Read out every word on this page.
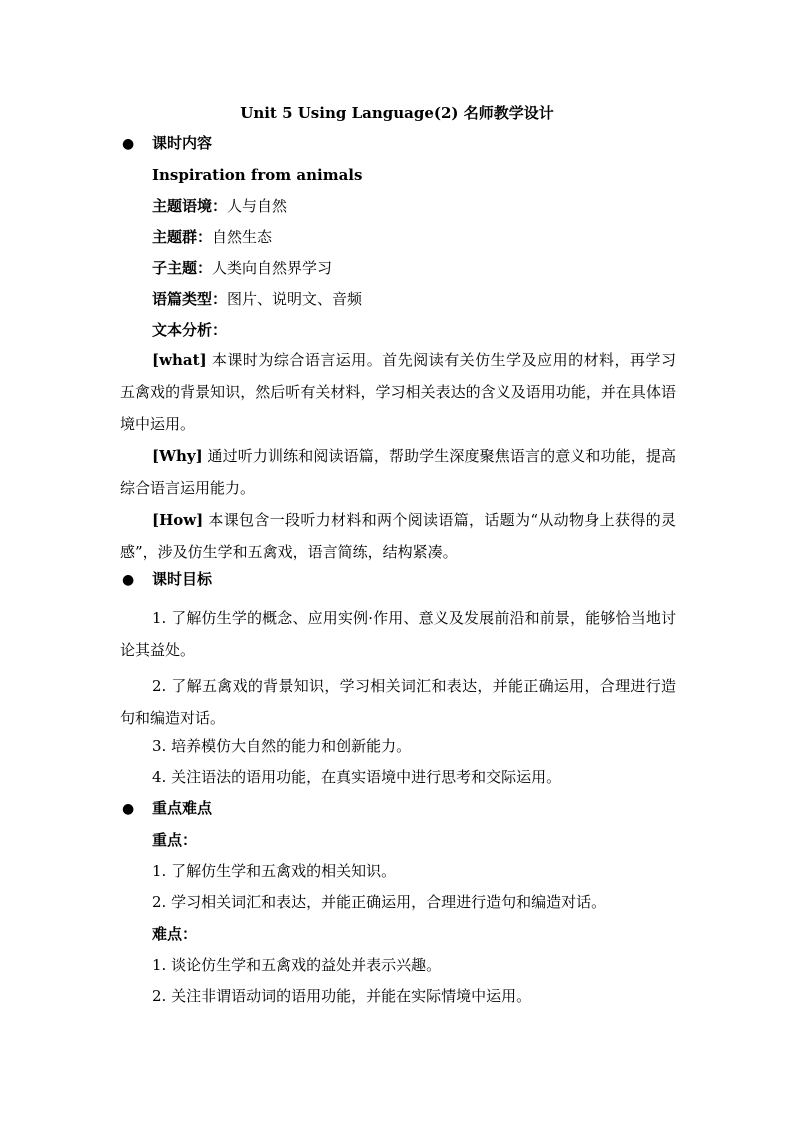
Unit 5 Using Language(2) 名师教学设计
● 课时内容
Inspiration from animals
主题语境：人与自然
主题群：自然生态
子主题：人类向自然界学习
语篇类型：图片、说明文、音频
文本分析：
[what] 本课时为综合语言运用。首先阅读有关仿生学及应用的材料，再学习五禽戏的背景知识，然后听有关材料，学习相关表达的含义及语用功能，并在具体语境中运用。
[Why] 通过听力训练和阅读语篇，帮助学生深度聚焦语言的意义和功能，提高综合语言运用能力。
[How] 本课包含一段听力材料和两个阅读语篇，话题为“从动物身上获得的灵感”，涉及仿生学和五禽戏，语言简练，结构紧凑。
● 课时目标
1. 了解仿生学的概念、应用实例·作用、意义及发展前沿和前景，能够恰当地讨论其益处。
2. 了解五禽戏的背景知识，学习相关词汇和表达，并能正确运用，合理进行造句和编造对话。
3. 培养模仿大自然的能力和创新能力。
4. 关注语法的语用功能，在真实语境中进行思考和交际运用。
● 重点难点
重点：
1. 了解仿生学和五禽戏的相关知识。
2. 学习相关词汇和表达，并能正确运用，合理进行造句和编造对话。
难点：
1. 谈论仿生学和五禽戏的益处并表示兴趣。
2. 关注非谓语动词的语用功能，并能在实际情境中运用。
